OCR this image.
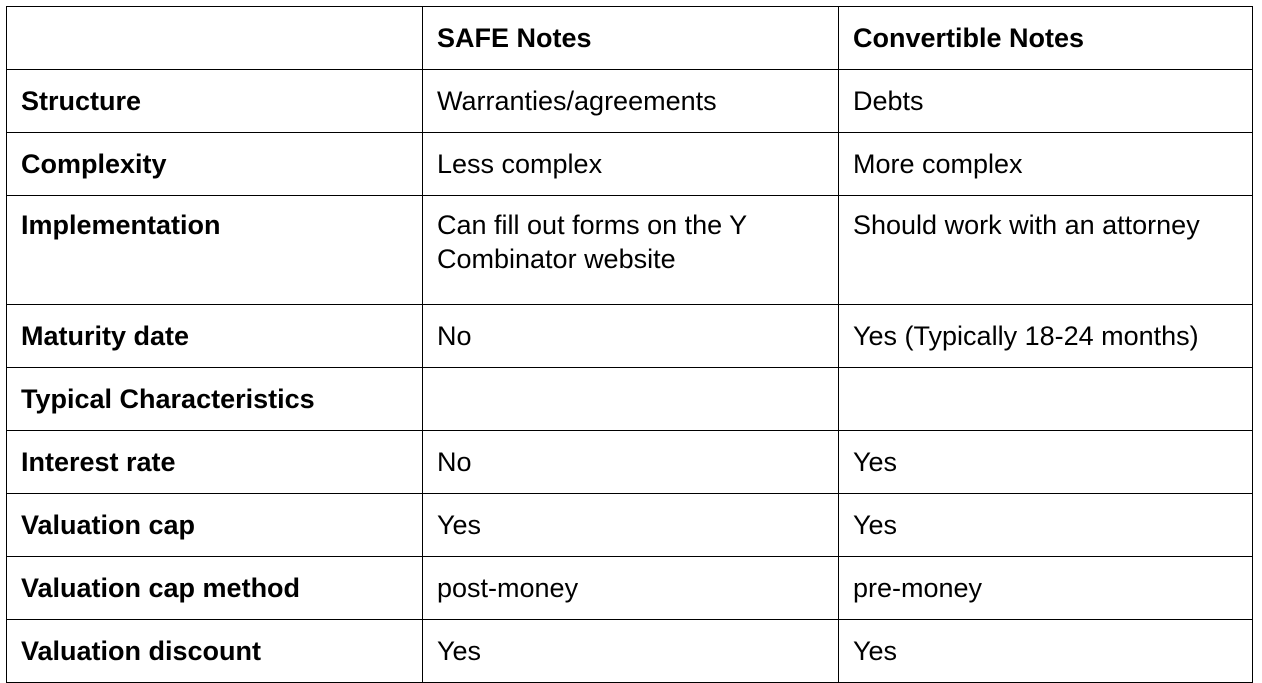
	SAFE Notes	Convertible Notes
Structure	Warranties/agreements	Debts
Complexity	Less complex	More complex
Implementation	Can fill out forms on the Y Combinator website	Should work with an attorney
Maturity date	No	Yes (Typically 18-24 months)
Typical Characteristics		
Interest rate	No	Yes
Valuation cap	Yes	Yes
Valuation cap method	post-money	pre-money
Valuation discount	Yes	Yes
